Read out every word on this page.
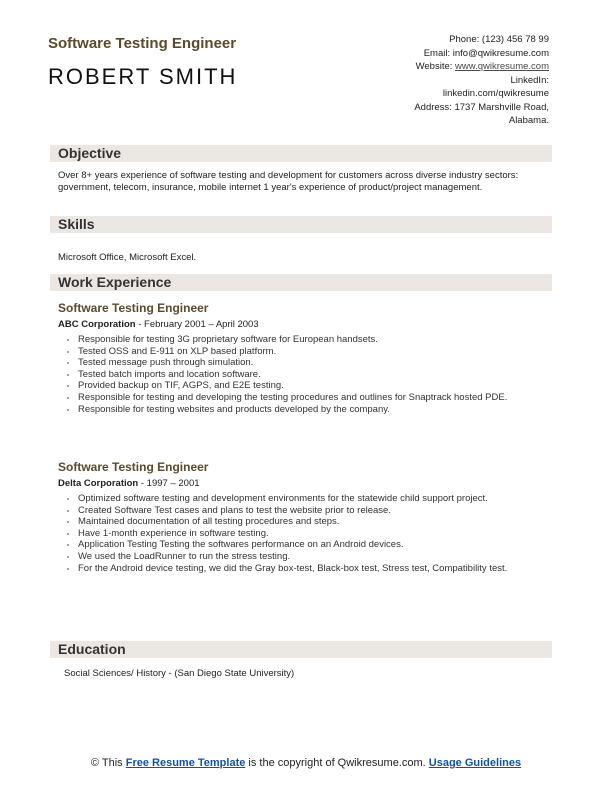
Software Testing Engineer
ROBERT SMITH
Phone: (123) 456 78 99
Email: info@qwikresume.com
Website: www.qwikresume.com
LinkedIn:
linkedin.com/qwikresume
Address: 1737 Marshville Road,
Alabama.
Objective
Over 8+ years experience of software testing and development for customers across diverse industry sectors: government, telecom, insurance, mobile internet 1 year's experience of product/project management.
Skills
Microsoft Office, Microsoft Excel.
Work Experience
Software Testing Engineer
ABC Corporation - February 2001 – April 2003
• Responsible for testing 3G proprietary software for European handsets.
• Tested OSS and E-911 on XLP based platform.
• Tested message push through simulation.
• Tested batch imports and location software.
• Provided backup on TIF, AGPS, and E2E testing.
• Responsible for testing and developing the testing procedures and outlines for Snaptrack hosted PDE.
• Responsible for testing websites and products developed by the company.
Software Testing Engineer
Delta Corporation - 1997 – 2001
• Optimized software testing and development environments for the statewide child support project.
• Created Software Test cases and plans to test the website prior to release.
• Maintained documentation of all testing procedures and steps.
• Have 1-month experience in software testing.
• Application Testing Testing the softwares performance on an Android devices.
• We used the LoadRunner to run the stress testing.
• For the Android device testing, we did the Gray box-test, Black-box test, Stress test, Compatibility test.
Education
Social Sciences/ History - (San Diego State University)
© This Free Resume Template is the copyright of Qwikresume.com. Usage Guidelines
